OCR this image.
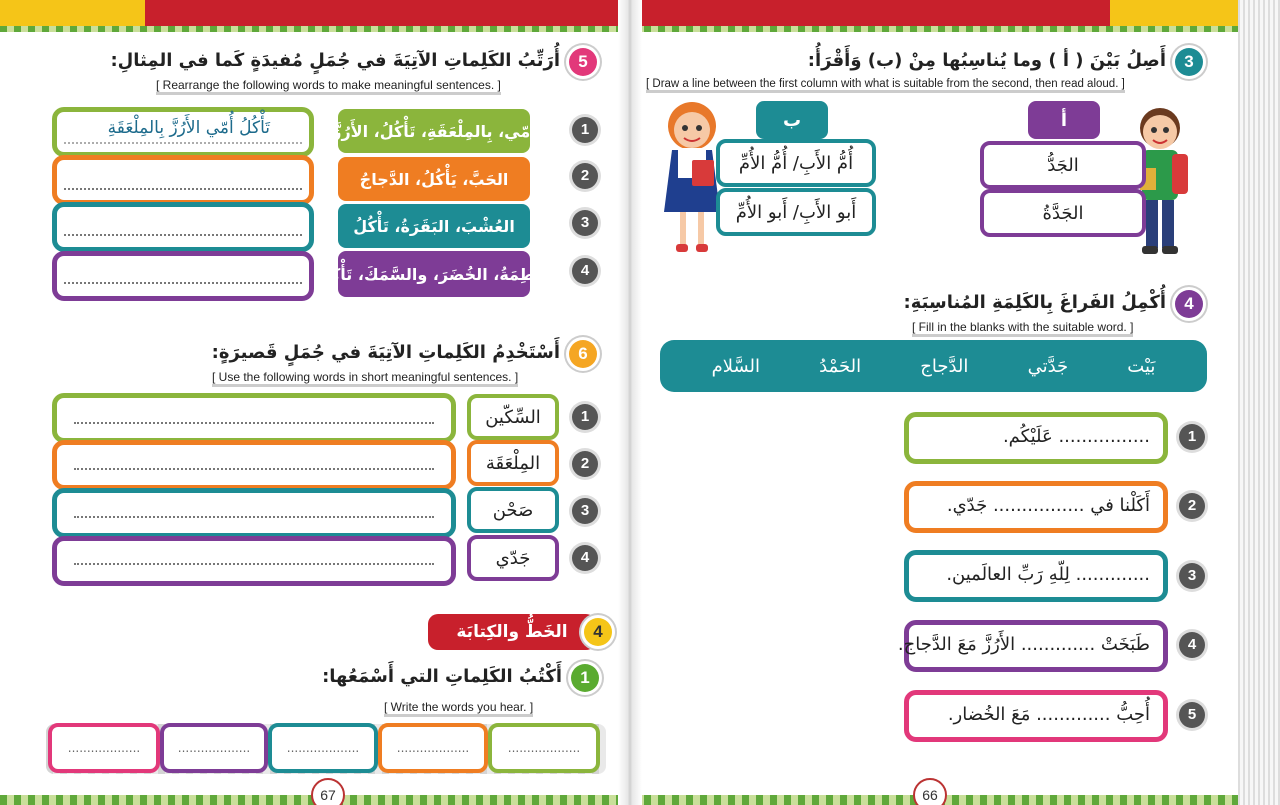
5
أُرَتِّبُ الكَلِماتِ الآتِيَةَ في جُمَلٍ مُفيدَةٍ كَما في المِثالِ:
[ Rearrange the following words to make meaningful sentences. ]
تَأْكُلُ أُمّي الأَرُزَّ بِالمِلْعَقَةِ	أُمّي، بِالمِلْعَقَةِ، تَأْكُلُ، الأَرُزَّ	1
الحَبَّ، يَأْكُلُ، الدَّجاجُ	2
العُشْبَ، البَقَرَةُ، تَأْكُلُ	3
فاطِمَةُ، الخُضَرَ، والسَّمَكَ، تَأْكُلُ	4
6
أَسْتَخْدِمُ الكَلِماتِ الآتِيَةَ في جُمَلٍ قَصيرَةٍ:
[ Use the following words in short meaningful sentences. ]
السِّكّين	1
المِلْعَقَة	2
صَحْن	3
جَدّي	4
الخَطُّ والكِتابَة	4
1
أَكْتُبُ الكَلِماتِ التي أَسْمَعُها:
[ Write the words you hear. ]
...................	...................	...................	...................	...................
67
3
أَصِلُ بَيْنَ ( أ ) وما يُناسِبُها مِنْ (ب) وَأَقْرَأُ:
[ Draw a line between the first column with what is suitable from the second, then read aloud. ]
ب
أُمُّ الأَبِ/ أُمُّ الأُمِّ
أَبو الأَبِ/ أَبو الأُمِّ
أ
الجَدُّ
الجَدَّةُ
4
أُكْمِلُ الفَراغَ بِالكَلِمَةِ المُناسِبَةِ:
[ Fill in the blanks with the suitable word. ]
بَيْت
جَدَّتي
الدَّجاج
الحَمْدُ
السَّلام
................ عَلَيْكُم.	1
أَكَلْنا في ................ جَدّي.	2
............. لِلّهِ رَبِّ العالَمين.	3
طَبَخَتْ ............. الأَرُزَّ مَعَ الدَّجاج.	4
أُحِبُّ ............. مَعَ الخُضار.	5
66
